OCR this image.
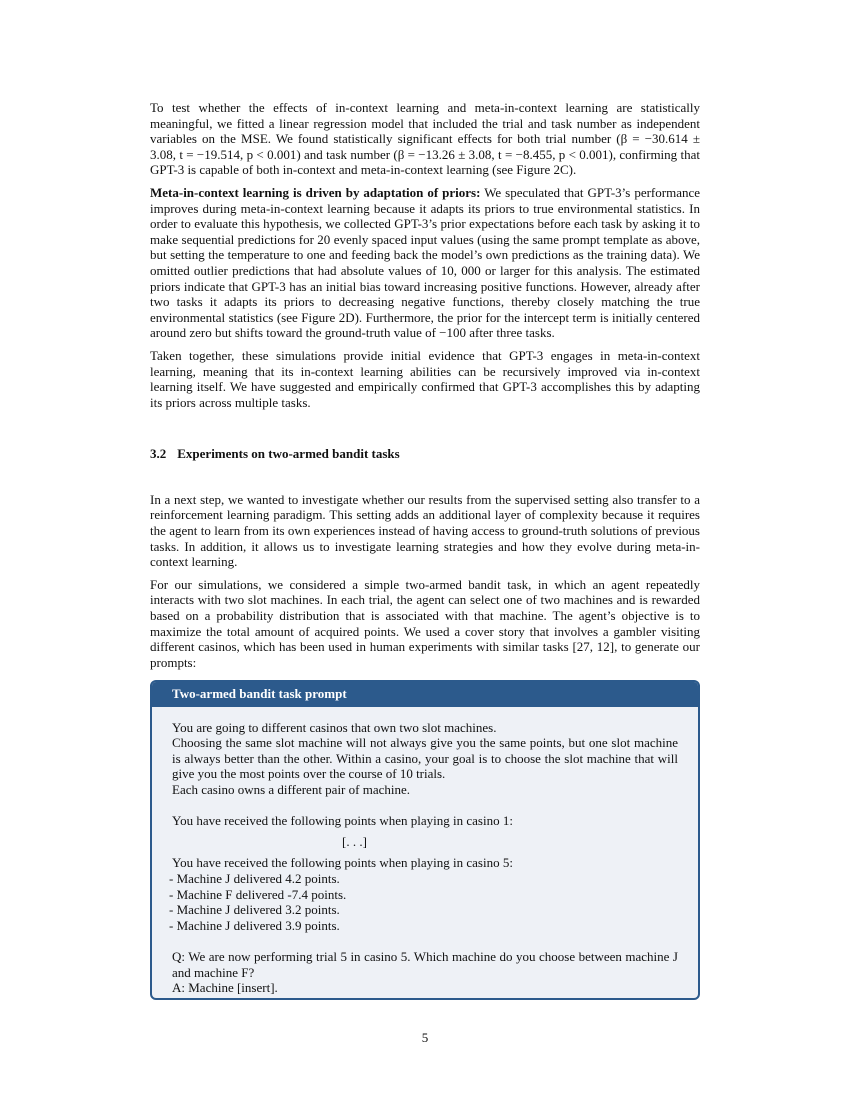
To test whether the effects of in-context learning and meta-in-context learning are statistically meaningful, we fitted a linear regression model that included the trial and task number as independent variables on the MSE. We found statistically significant effects for both trial number (β = −30.614 ± 3.08, t = −19.514, p < 0.001) and task number (β = −13.26 ± 3.08, t = −8.455, p < 0.001), confirming that GPT-3 is capable of both in-context and meta-in-context learning (see Figure 2C).

Meta-in-context learning is driven by adaptation of priors: We speculated that GPT-3’s performance improves during meta-in-context learning because it adapts its priors to true environmental statistics. In order to evaluate this hypothesis, we collected GPT-3’s prior expectations before each task by asking it to make sequential predictions for 20 evenly spaced input values (using the same prompt template as above, but setting the temperature to one and feeding back the model’s own predictions as the training data). We omitted outlier predictions that had absolute values of 10, 000 or larger for this analysis. The estimated priors indicate that GPT-3 has an initial bias toward increasing positive functions. However, already after two tasks it adapts its priors to decreasing negative functions, thereby closely matching the true environmental statistics (see Figure 2D). Furthermore, the prior for the intercept term is initially centered around zero but shifts toward the ground-truth value of −100 after three tasks.

Taken together, these simulations provide initial evidence that GPT-3 engages in meta-in-context learning, meaning that its in-context learning abilities can be recursively improved via in-context learning itself. We have suggested and empirically confirmed that GPT-3 accomplishes this by adapting its priors across multiple tasks.

3.2 Experiments on two-armed bandit tasks

In a next step, we wanted to investigate whether our results from the supervised setting also transfer to a reinforcement learning paradigm. This setting adds an additional layer of complexity because it requires the agent to learn from its own experiences instead of having access to ground-truth solutions of previous tasks. In addition, it allows us to investigate learning strategies and how they evolve during meta-in-context learning.

For our simulations, we considered a simple two-armed bandit task, in which an agent repeatedly interacts with two slot machines. In each trial, the agent can select one of two machines and is rewarded based on a probability distribution that is associated with that machine. The agent’s objective is to maximize the total amount of acquired points. We used a cover story that involves a gambler visiting different casinos, which has been used in human experiments with similar tasks [27, 12], to generate our prompts:

Two-armed bandit task prompt

You are going to different casinos that own two slot machines.

Choosing the same slot machine will not always give you the same points, but one slot machine is always better than the other. Within a casino, your goal is to choose the slot machine that will give you the most points over the course of 10 trials.

Each casino owns a different pair of machine.

You have received the following points when playing in casino 1:

[. . .]

You have received the following points when playing in casino 5:

- Machine J delivered 4.2 points.
- Machine F delivered -7.4 points.
- Machine J delivered 3.2 points.
- Machine J delivered 3.9 points.

Q: We are now performing trial 5 in casino 5. Which machine do you choose between machine J and machine F?

A: Machine [insert].

5
